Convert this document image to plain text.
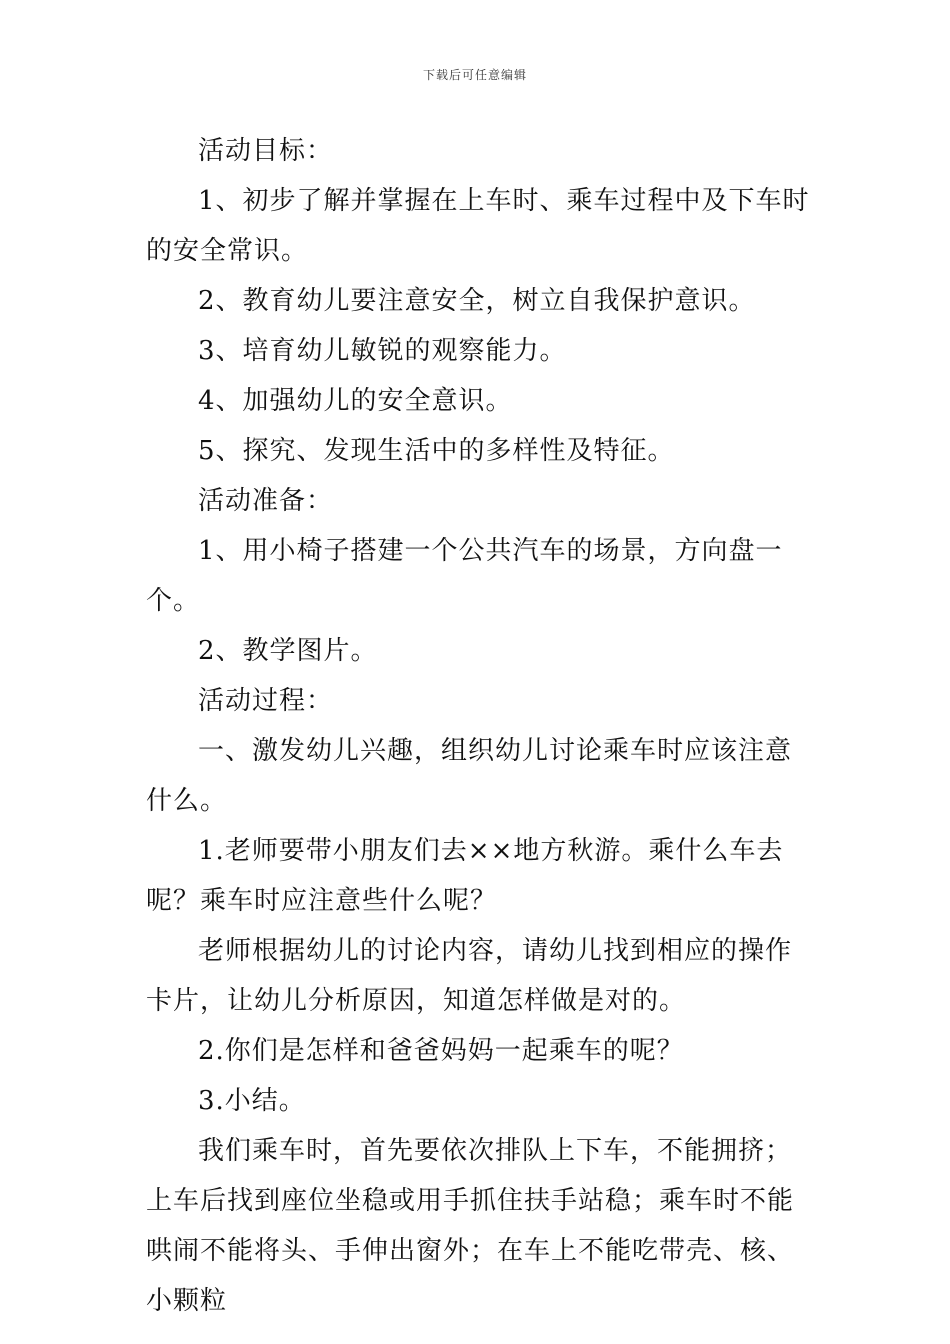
下载后可任意编辑

活动目标：

1、初步了解并掌握在上车时、乘车过程中及下车时的安全常识。

2、教育幼儿要注意安全，树立自我保护意识。

3、培育幼儿敏锐的观察能力。

4、加强幼儿的安全意识。

5、探究、发现生活中的多样性及特征。

活动准备：

1、用小椅子搭建一个公共汽车的场景，方向盘一个。

2、教学图片。

活动过程：

一、激发幼儿兴趣，组织幼儿讨论乘车时应该注意什么。

1.老师要带小朋友们去××地方秋游。乘什么车去呢？乘车时应注意些什么呢？

老师根据幼儿的讨论内容，请幼儿找到相应的操作卡片，让幼儿分析原因，知道怎样做是对的。

2.你们是怎样和爸爸妈妈一起乘车的呢？

3.小结。

我们乘车时，首先要依次排队上下车，不能拥挤；上车后找到座位坐稳或用手抓住扶手站稳；乘车时不能哄闹不能将头、手伸出窗外；在车上不能吃带壳、核、小颗粒
